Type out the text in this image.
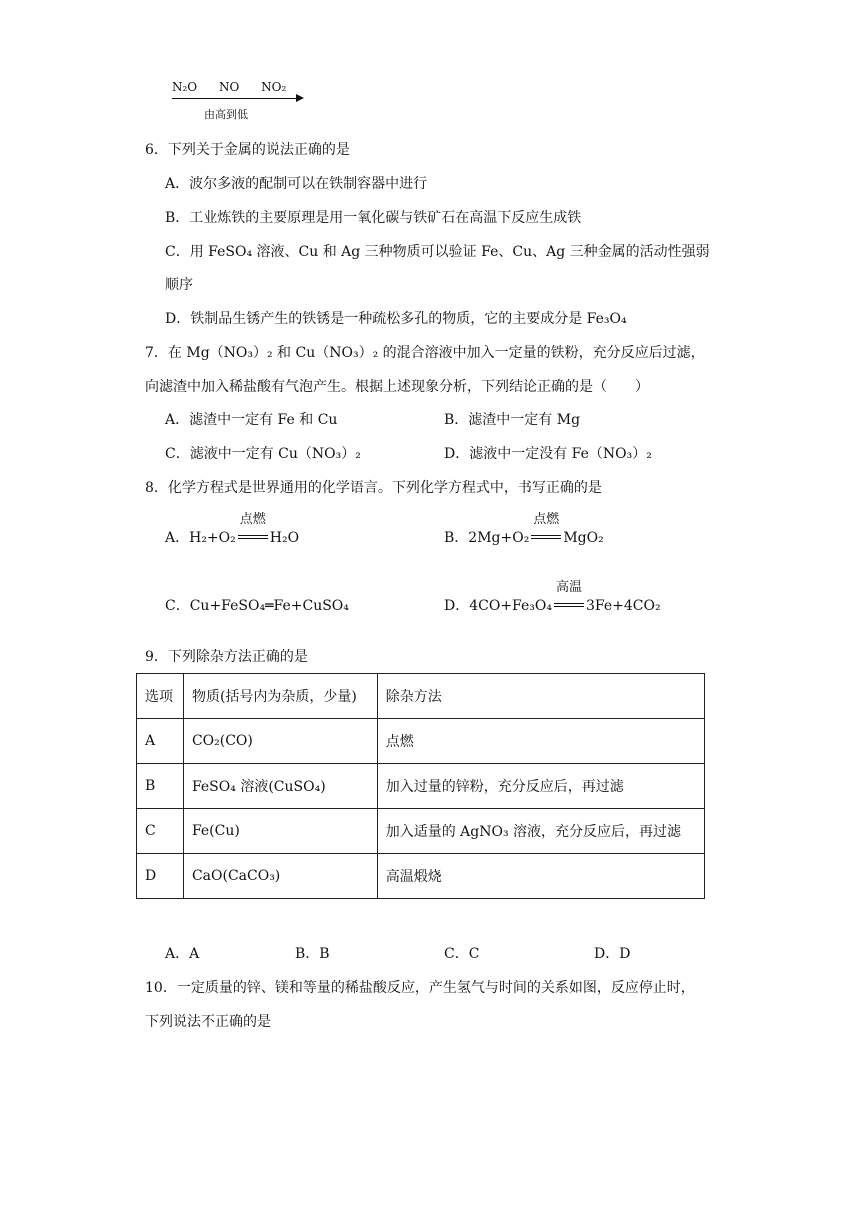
N₂O NO NO₂
由高到低
6．下列关于金属的说法正确的是
A．波尔多液的配制可以在铁制容器中进行
B．工业炼铁的主要原理是用一氧化碳与铁矿石在高温下反应生成铁
C．用 FeSO₄ 溶液、Cu 和 Ag 三种物质可以验证 Fe、Cu、Ag 三种金属的活动性强弱
顺序
D．铁制品生锈产生的铁锈是一种疏松多孔的物质，它的主要成分是 Fe₃O₄
7．在 Mg（NO₃）₂ 和 Cu（NO₃）₂ 的混合溶液中加入一定量的铁粉，充分反应后过滤，
向滤渣中加入稀盐酸有气泡产生。根据上述现象分析，下列结论正确的是（　　）
A．滤渣中一定有 Fe 和 Cu	B．滤渣中一定有 Mg
C．滤液中一定有 Cu（NO₃）₂	D．滤液中一定没有 Fe（NO₃）₂
8．化学方程式是世界通用的化学语言。下列化学方程式中，书写正确的是
A．H₂+O₂
点燃
H₂O	B．2Mg+O₂
点燃
MgO₂
C．Cu+FeSO₄═Fe+CuSO₄	D．4CO+Fe₃O₄
高温
3Fe+4CO₂
9．下列除杂方法正确的是
选项	物质(括号内为杂质，少量)	除杂方法
A	CO₂(CO)	点燃
B	FeSO₄ 溶液(CuSO₄)	加入过量的锌粉，充分反应后，再过滤
C	Fe(Cu)	加入适量的 AgNO₃ 溶液，充分反应后，再过滤
D	CaO(CaCO₃)	高温煅烧
A．A	B．B	C．C	D．D
10．一定质量的锌、镁和等量的稀盐酸反应，产生氢气与时间的关系如图，反应停止时，
下列说法不正确的是
